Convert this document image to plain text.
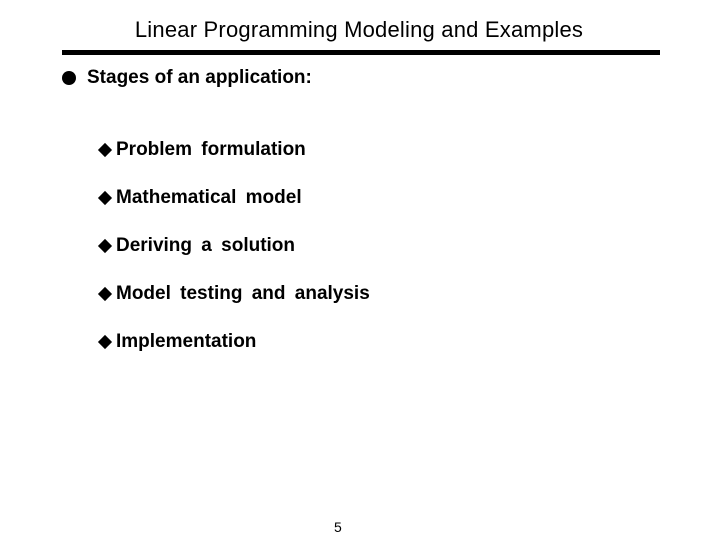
Linear Programming Modeling and Examples
Stages of an application:
Problem formulation
Mathematical model
Deriving a solution
Model testing and analysis
Implementation
5
